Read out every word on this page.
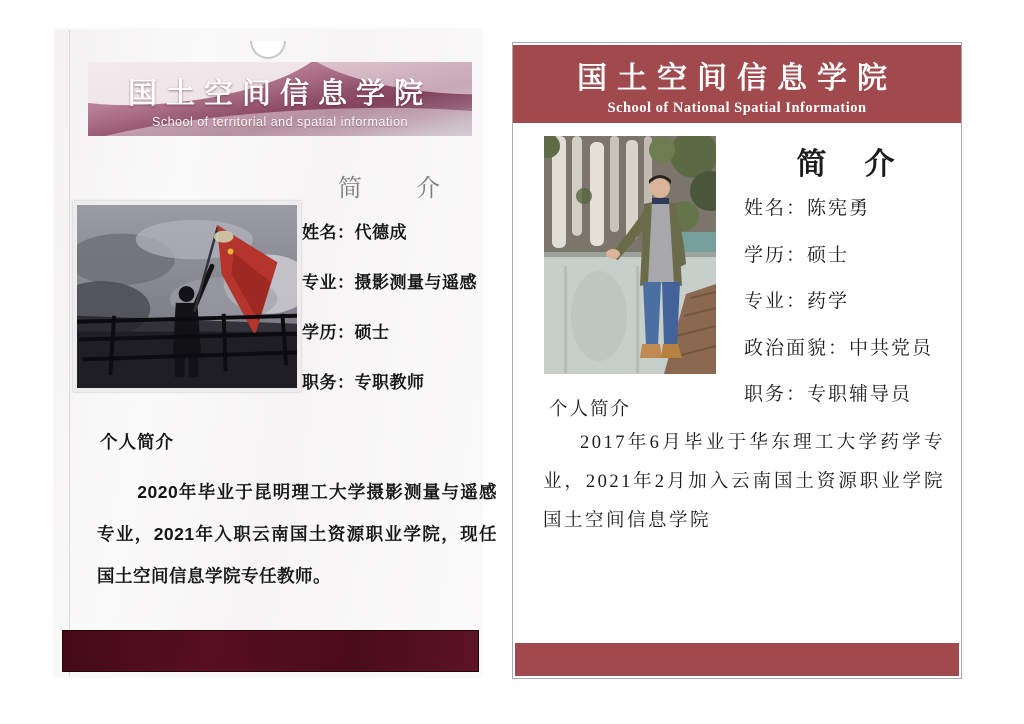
国土空间信息学院
School of territorial and spatial information
简　　介
姓名：代德成
专业：摄影测量与遥感
学历：硕士
职务：专职教师
个人简介
2020年毕业于昆明理工大学摄影测量与遥感专业，2021年入职云南国土资源职业学院，现任国土空间信息学院专任教师。
国土空间信息学院
School of National Spatial Information
简　介
姓名：陈宪勇
学历：硕士
专业：药学
政治面貌：中共党员
职务：专职辅导员
个人简介
2017年6月毕业于华东理工大学药学专业，2021年2月加入云南国土资源职业学院国土空间信息学院
